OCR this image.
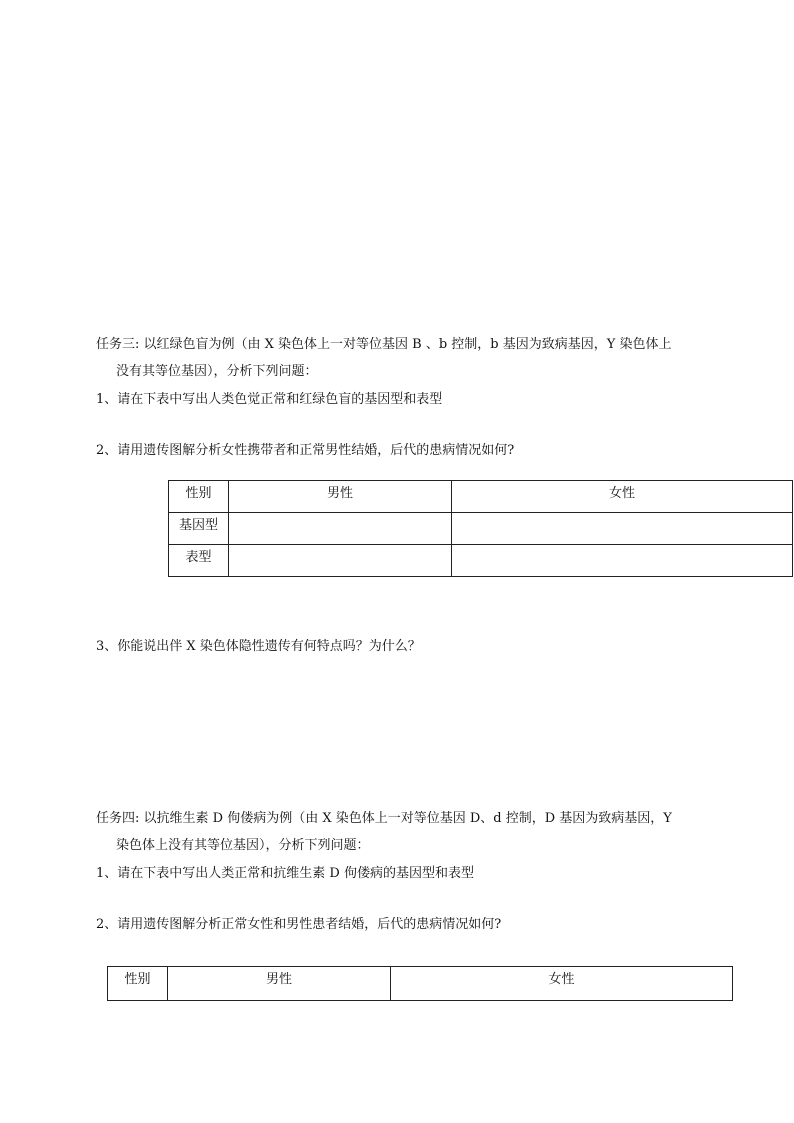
任务三: 以红绿色盲为例（由 X 染色体上一对等位基因 B 、b 控制，b 基因为致病基因，Y 染色体上
没有其等位基因），分析下列问题：
1、请在下表中写出人类色觉正常和红绿色盲的基因型和表型
2、请用遗传图解分析女性携带者和正常男性结婚，后代的患病情况如何?
性别	男性	女性
基因型		
表型		
3、你能说出伴 X 染色体隐性遗传有何特点吗？为什么？
任务四: 以抗维生素 D 佝偻病为例（由 X 染色体上一对等位基因 D、d 控制，D 基因为致病基因，Y
染色体上没有其等位基因），分析下列问题：
1、请在下表中写出人类正常和抗维生素 D 佝偻病的基因型和表型
2、请用遗传图解分析正常女性和男性患者结婚，后代的患病情况如何?
性别	男性	女性
